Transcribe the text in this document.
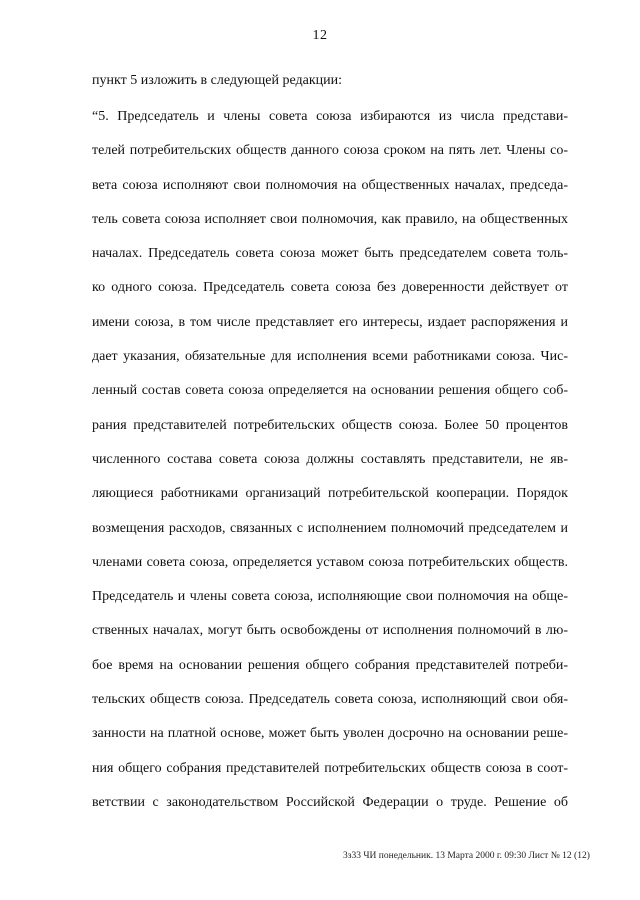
12
пункт 5 изложить в следующей редакции:
“5. Председатель и члены совета союза избираются из числа представи-
телей потребительских обществ данного союза сроком на пять лет. Члены со-
вета союза исполняют свои полномочия на общественных началах, председа-
тель совета союза исполняет свои полномочия, как правило, на общественных
началах. Председатель совета союза может быть председателем совета толь-
ко одного союза. Председатель совета союза без доверенности действует от
имени союза, в том числе представляет его интересы, издает распоряжения и
дает указания, обязательные для исполнения всеми работниками союза. Чис-
ленный состав совета союза определяется на основании решения общего соб-
рания представителей потребительских обществ союза. Более 50 процентов
численного состава совета союза должны составлять представители, не яв-
ляющиеся работниками организаций потребительской кооперации. Порядок
возмещения расходов, связанных с исполнением полномочий председателем и
членами совета союза, определяется уставом союза потребительских обществ.
Председатель и члены совета союза, исполняющие свои полномочия на обще-
ственных началах, могут быть освобождены от исполнения полномочий в лю-
бое время на основании решения общего собрания представителей потреби-
тельских обществ союза. Председатель совета союза, исполняющий свои обя-
занности на платной основе, может быть уволен досрочно на основании реше-
ния общего собрания представителей потребительских обществ союза в соот-
ветствии с законодательством Российской Федерации о труде. Решение об
3з33 ЧИ понедельник. 13 Марта 2000 г. 09:30 Лист № 12 (12)
